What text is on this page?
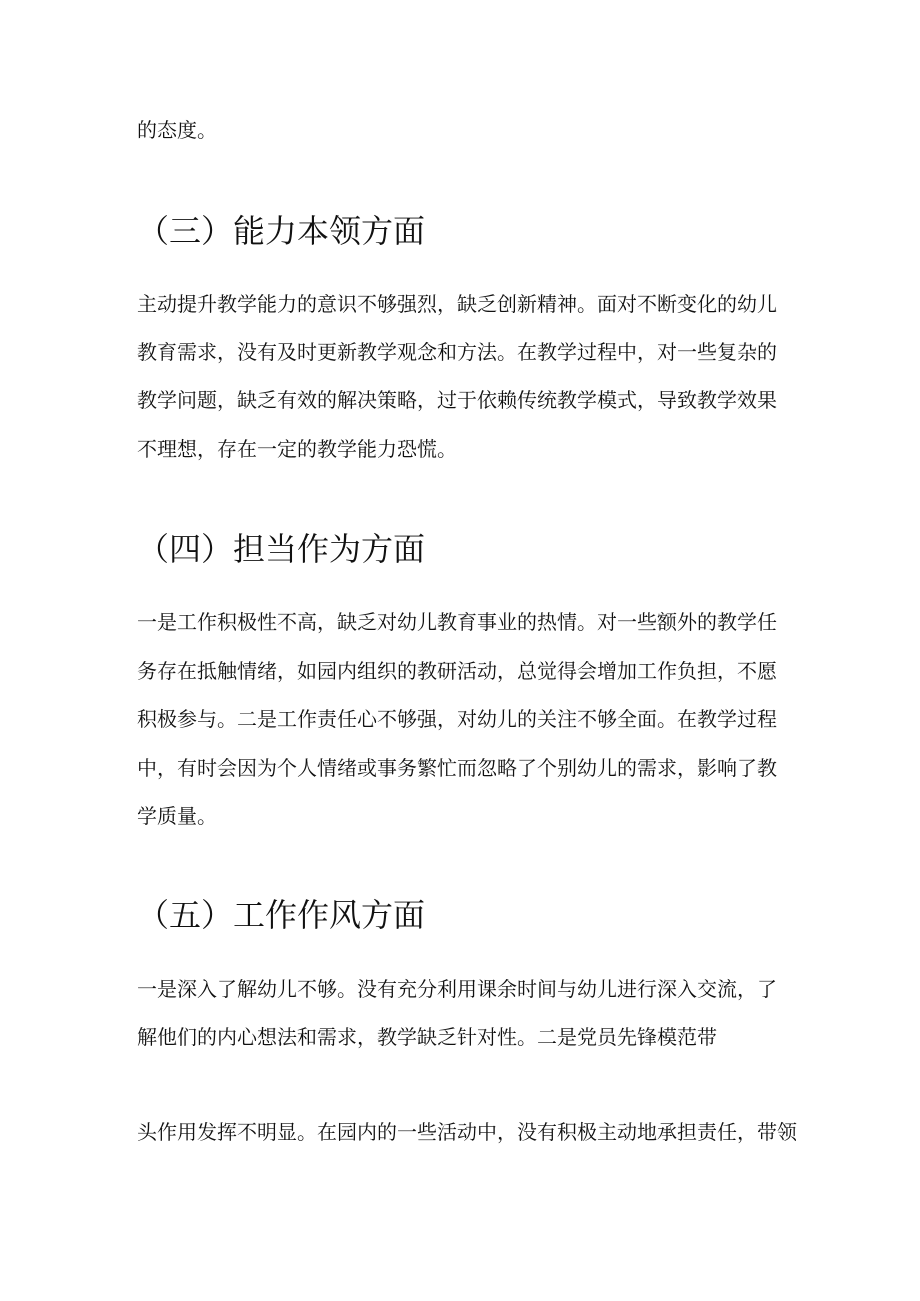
的态度。

（三）能力本领方面

主动提升教学能力的意识不够强烈，缺乏创新精神。面对不断变化的幼儿

教育需求，没有及时更新教学观念和方法。在教学过程中，对一些复杂的

教学问题，缺乏有效的解决策略，过于依赖传统教学模式，导致教学效果

不理想，存在一定的教学能力恐慌。

（四）担当作为方面

一是工作积极性不高，缺乏对幼儿教育事业的热情。对一些额外的教学任

务存在抵触情绪，如园内组织的教研活动，总觉得会增加工作负担，不愿

积极参与。二是工作责任心不够强，对幼儿的关注不够全面。在教学过程

中，有时会因为个人情绪或事务繁忙而忽略了个别幼儿的需求，影响了教

学质量。

（五）工作作风方面

一是深入了解幼儿不够。没有充分利用课余时间与幼儿进行深入交流，了

解他们的内心想法和需求，教学缺乏针对性。二是党员先锋模范带

头作用发挥不明显。在园内的一些活动中，没有积极主动地承担责任，带领
